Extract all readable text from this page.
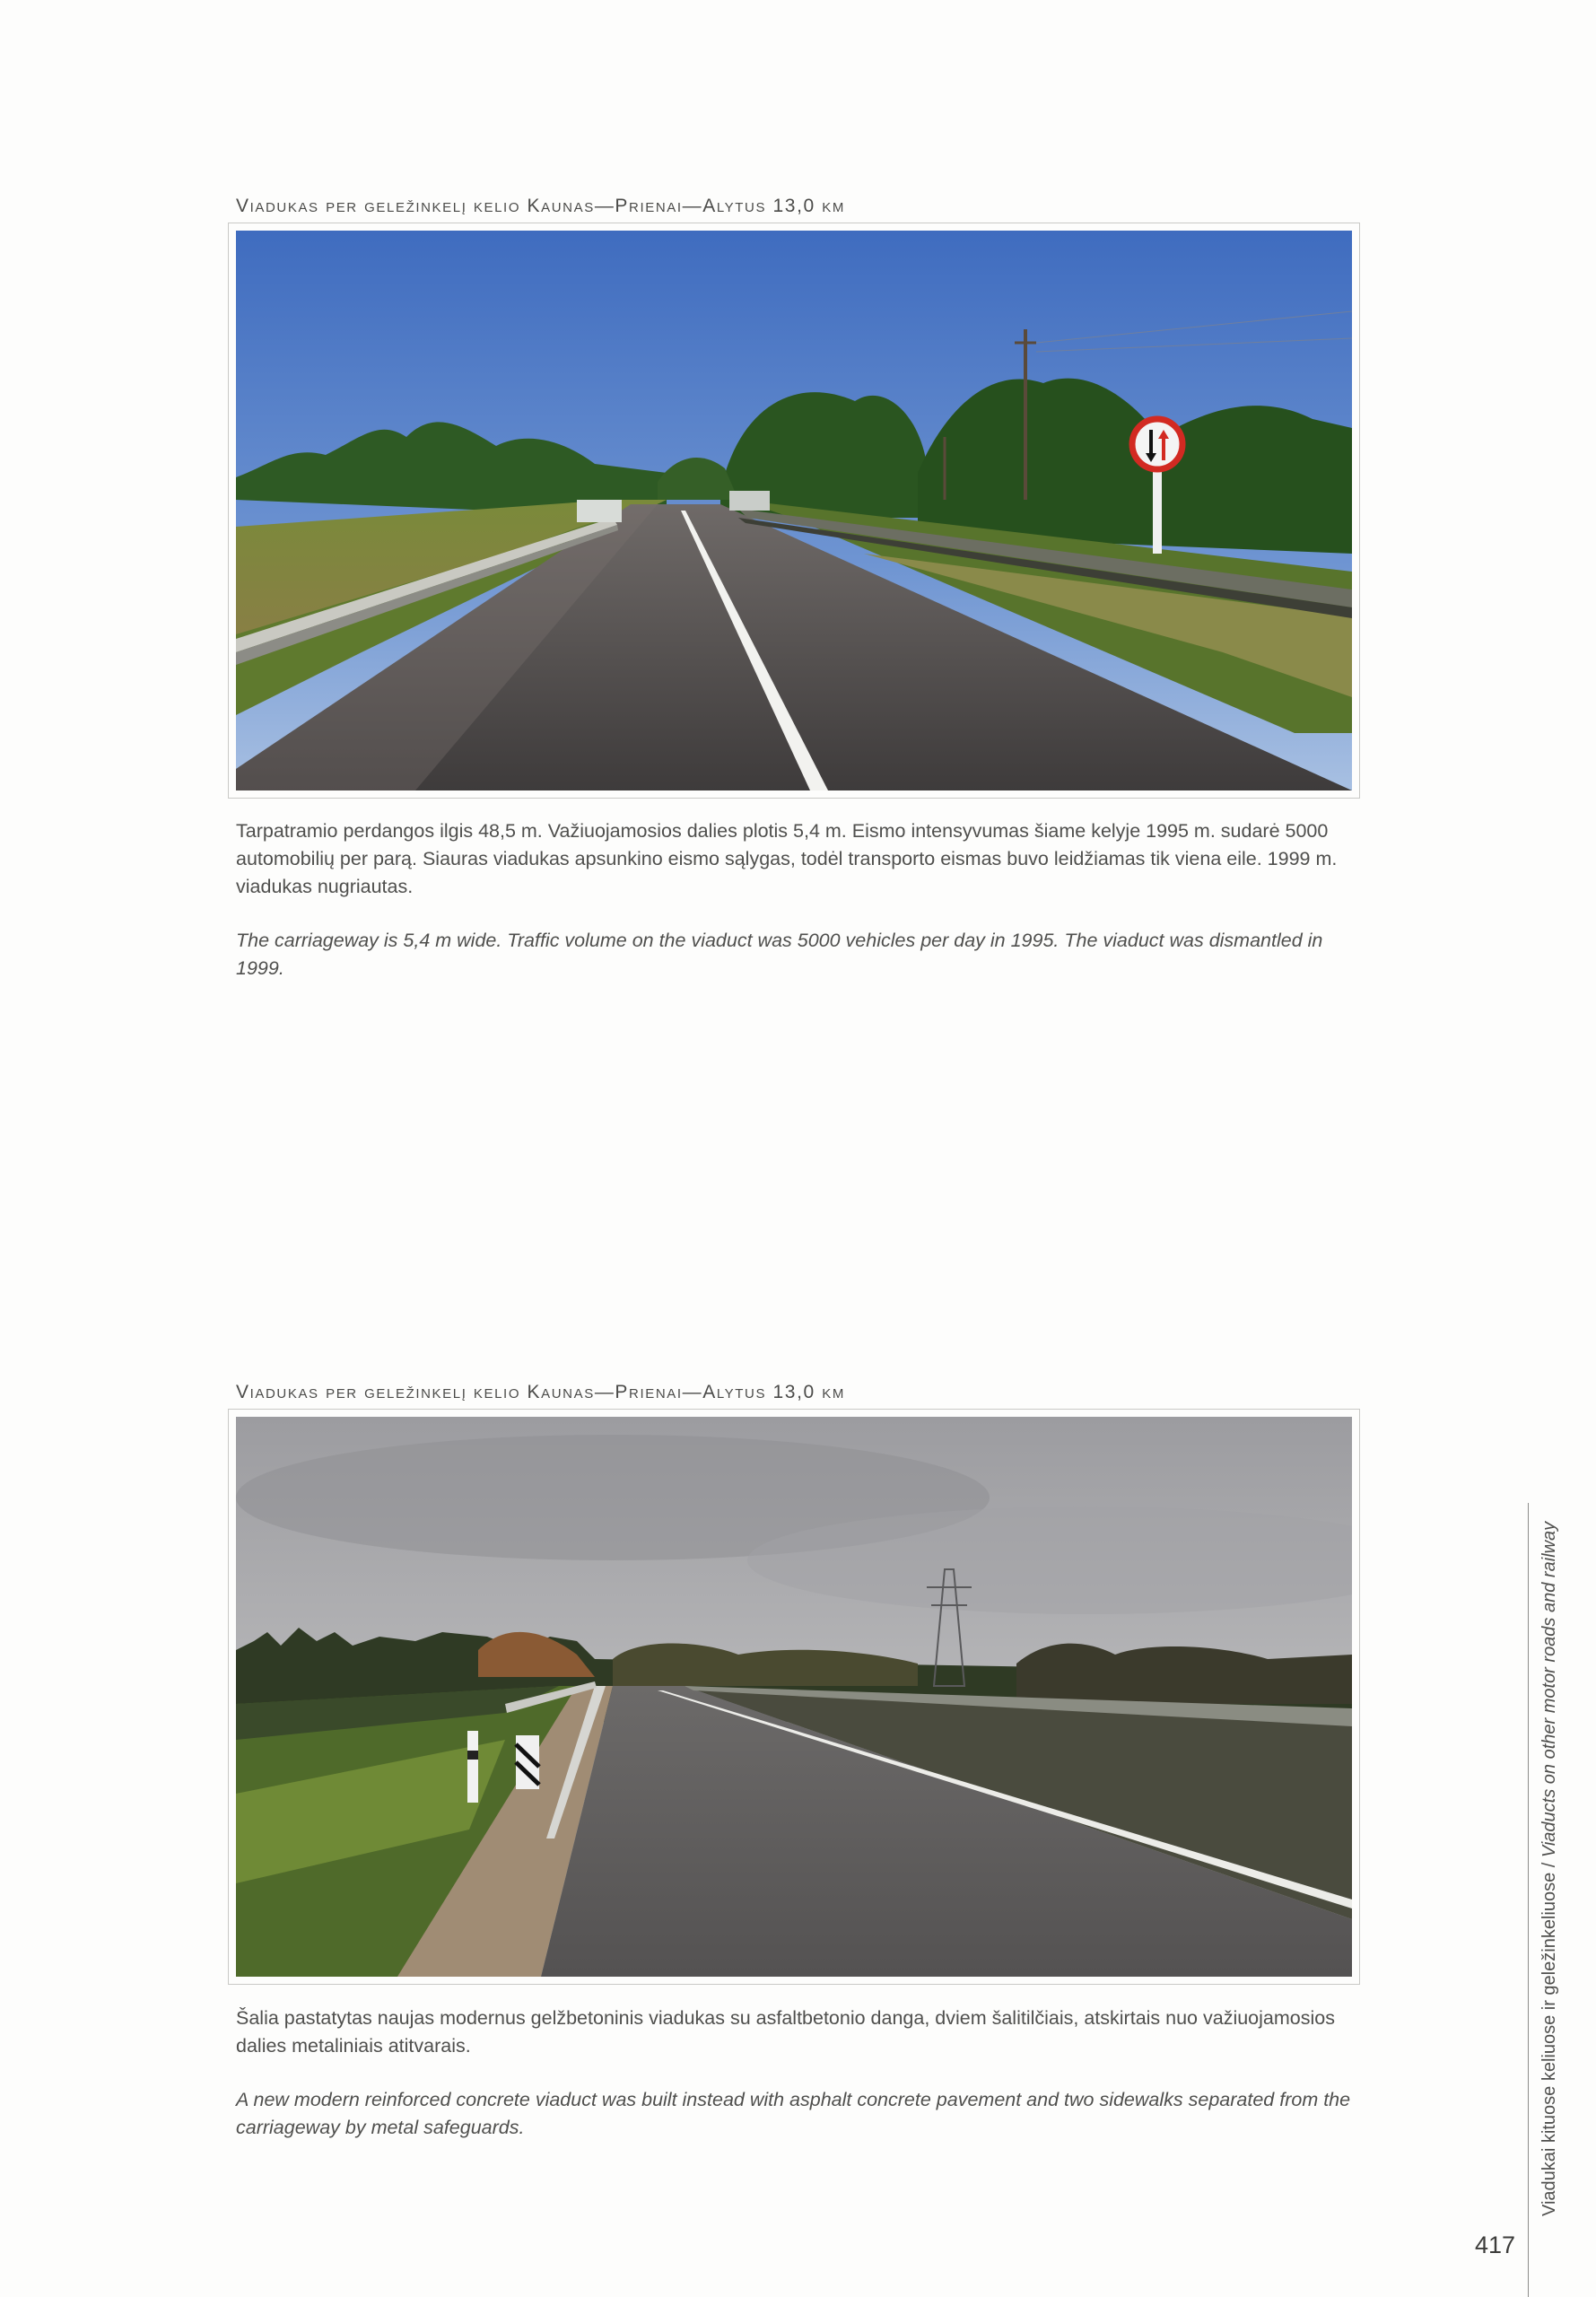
Viadukas per geležinkelį kelio Kaunas—Prienai—Alytus 13,0 km

Tarpatramio perdangos ilgis 48,5 m. Važiuojamosios dalies plotis 5,4 m. Eismo intensyvumas šiame kelyje 1995 m. sudarė 5000 automobilių per parą. Siauras viadukas apsunkino eismo sąlygas, todėl transporto eismas buvo leidžiamas tik viena eile. 1999 m. viadukas nugriautas.

The carriageway is 5,4 m wide. Traffic volume on the viaduct was 5000 vehicles per day in 1995. The viaduct was dismantled in 1999.

Viadukas per geležinkelį kelio Kaunas—Prienai—Alytus 13,0 km

Šalia pastatytas naujas modernus gelžbetoninis viadukas su asfaltbetonio danga, dviem šalitilčiais, atskirtais nuo važiuojamosios dalies metaliniais atitvarais.

A new modern reinforced concrete viaduct was built instead with asphalt concrete pavement and two sidewalks separated from the carriageway by metal safeguards.	Viadukai kituose keliuose ir geležinkeliuose / Viaducts on other motor roads and railway
417
